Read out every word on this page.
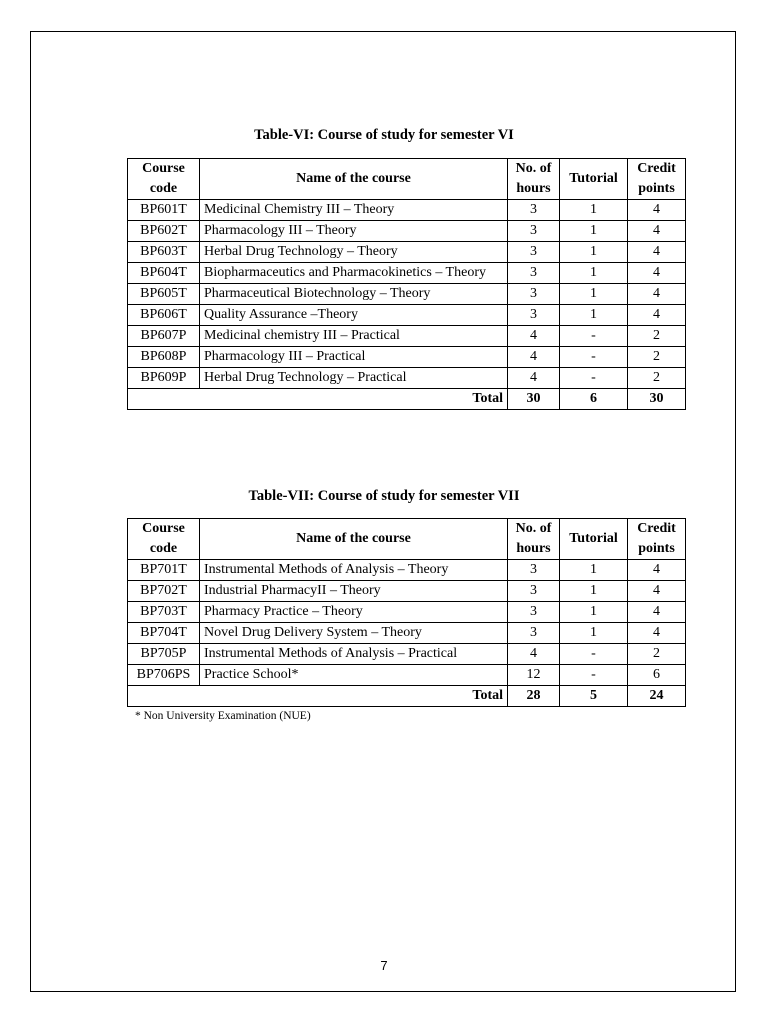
Table-VI: Course of study for semester VI
Course code	Name of the course	No. of hours	Tutorial	Credit points
BP601T	Medicinal Chemistry III – Theory	3	1	4
BP602T	Pharmacology III – Theory	3	1	4
BP603T	Herbal Drug Technology – Theory	3	1	4
BP604T	Biopharmaceutics and Pharmacokinetics – Theory	3	1	4
BP605T	Pharmaceutical Biotechnology – Theory	3	1	4
BP606T	Quality Assurance –Theory	3	1	4
BP607P	Medicinal chemistry III – Practical	4	-	2
BP608P	Pharmacology III – Practical	4	-	2
BP609P	Herbal Drug Technology – Practical	4	-	2
Total		30	6	30
Table-VII: Course of study for semester VII
Course code	Name of the course	No. of hours	Tutorial	Credit points
BP701T	Instrumental Methods of Analysis – Theory	3	1	4
BP702T	Industrial PharmacyII – Theory	3	1	4
BP703T	Pharmacy Practice – Theory	3	1	4
BP704T	Novel Drug Delivery System – Theory	3	1	4
BP705P	Instrumental Methods of Analysis – Practical	4	-	2
BP706PS	Practice School*	12	-	6
Total		28	5	24
* Non University Examination (NUE)
7
